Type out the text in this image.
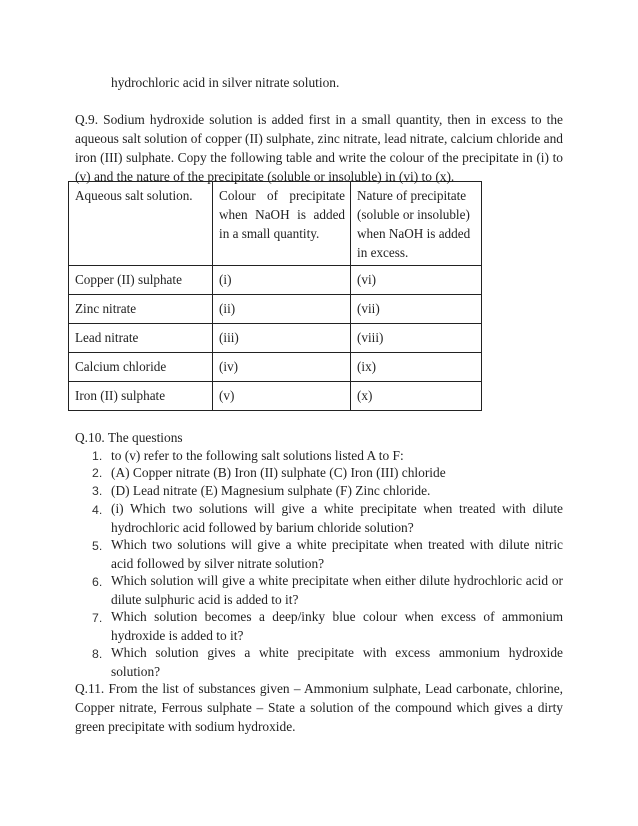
hydrochloric acid in silver nitrate solution.

Q.9. Sodium hydroxide solution is added first in a small quantity, then in excess to the aqueous salt solution of copper (II) sulphate, zinc nitrate, lead nitrate, calcium chloride and iron (III) sulphate. Copy the following table and write the colour of the precipitate in (i) to (v) and the nature of the precipitate (soluble or insoluble) in (vi) to (x).

Aqueous salt solution.	Colour of precipitate when NaOH is added in a small quantity.	Nature of precipitate (soluble or insoluble) when NaOH is added in excess.
Copper (II) sulphate	(i)	(vi)
Zinc nitrate	(ii)	(vii)
Lead nitrate	(iii)	(viii)
Calcium chloride	(iv)	(ix)
Iron (II) sulphate	(v)	(x)
Q.10. The questions
1. to (v) refer to the following salt solutions listed A to F:
2. (A) Copper nitrate (B) Iron (II) sulphate (C) Iron (III) chloride
3. (D) Lead nitrate (E) Magnesium sulphate (F) Zinc chloride.
4. (i) Which two solutions will give a white precipitate when treated with dilute hydrochloric acid followed by barium chloride solution?

5. Which two solutions will give a white precipitate when treated with dilute nitric acid followed by silver nitrate solution?

6. Which solution will give a white precipitate when either dilute hydrochloric acid or dilute sulphuric acid is added to it?

7. Which solution becomes a deep/inky blue colour when excess of ammonium hydroxide is added to it?

8. Which solution gives a white precipitate with excess ammonium hydroxide solution?

Q.11. From the list of substances given – Ammonium sulphate, Lead carbonate, chlorine, Copper nitrate, Ferrous sulphate – State a solution of the compound which gives a dirty green precipitate with sodium hydroxide.
